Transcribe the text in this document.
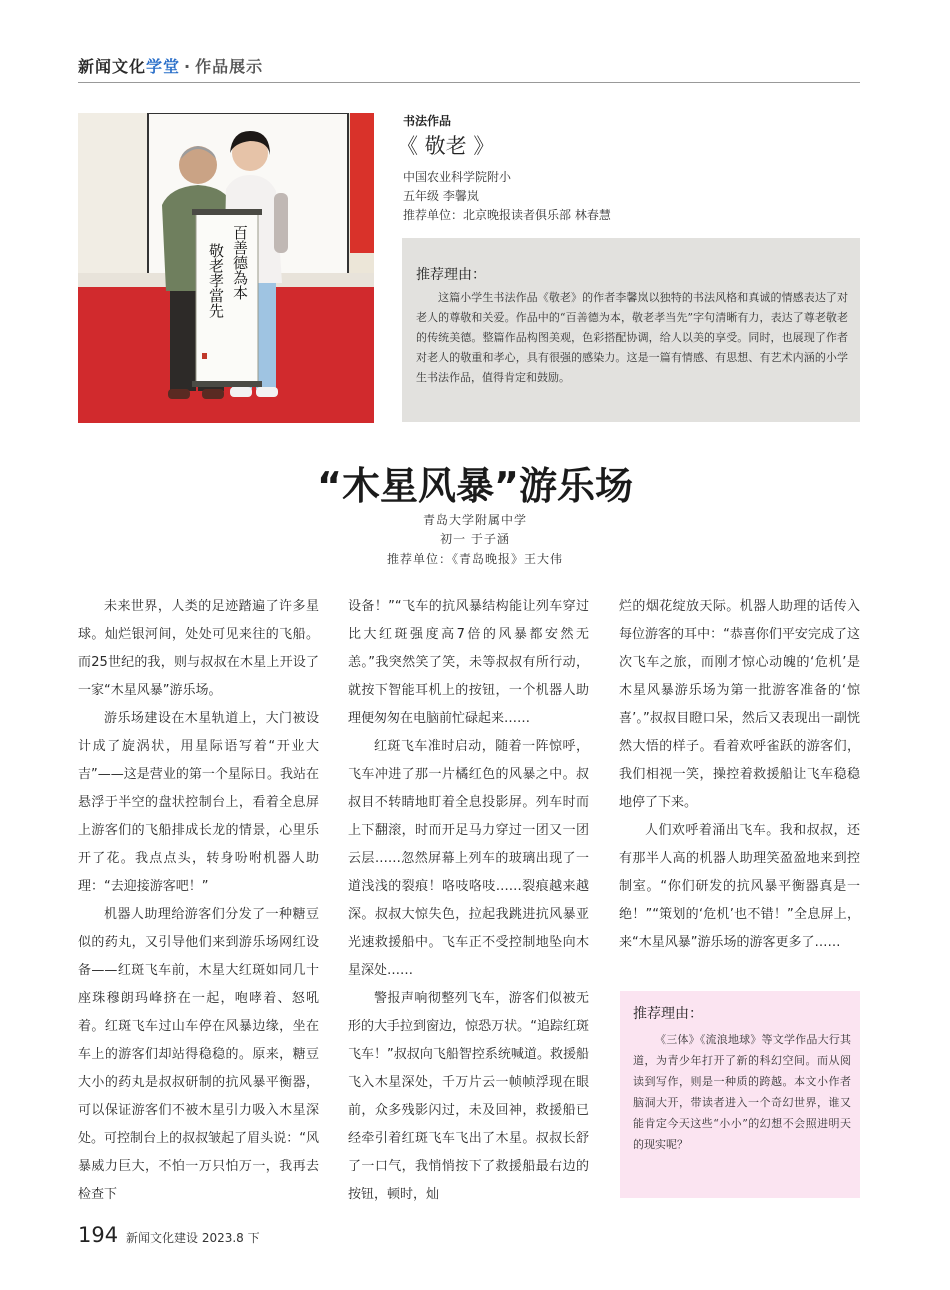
新闻文化学堂 · 作品展示
百善德為本
敬老孝當先
书法作品
《 敬老 》
中国农业科学院附小
五年级 李馨岚
推荐单位：北京晚报读者俱乐部 林春慧
推荐理由：
这篇小学生书法作品《敬老》的作者李馨岚以独特的书法风格和真诚的情感表达了对老人的尊敬和关爱。作品中的“百善德为本，敬老孝当先”字句清晰有力，表达了尊老敬老的传统美德。整篇作品构图美观，色彩搭配协调，给人以美的享受。同时，也展现了作者对老人的敬重和孝心，具有很强的感染力。这是一篇有情感、有思想、有艺术内涵的小学生书法作品，值得肯定和鼓励。
“木星风暴”游乐场
青岛大学附属中学
初一 于子涵
推荐单位：《青岛晚报》王大伟

未来世界，人类的足迹踏遍了许多星球。灿烂银河间，处处可见来往的飞船。而25世纪的我，则与叔叔在木星上开设了一家“木星风暴”游乐场。

游乐场建设在木星轨道上，大门被设计成了旋涡状，用星际语写着“开业大吉”——这是营业的第一个星际日。我站在悬浮于半空的盘状控制台上，看着全息屏上游客们的飞船排成长龙的情景，心里乐开了花。我点点头，转身吩咐机器人助理：“去迎接游客吧！”

机器人助理给游客们分发了一种糖豆似的药丸，又引导他们来到游乐场网红设备——红斑飞车前，木星大红斑如同几十座珠穆朗玛峰挤在一起，咆哮着、怒吼着。红斑飞车过山车停在风暴边缘，坐在车上的游客们却站得稳稳的。原来，糖豆大小的药丸是叔叔研制的抗风暴平衡器，可以保证游客们不被木星引力吸入木星深处。可控制台上的叔叔皱起了眉头说：“风暴威力巨大，不怕一万只怕万一，我再去检查下

设备！”“飞车的抗风暴结构能让列车穿过比大红斑强度高7倍的风暴都安然无恙。”我突然笑了笑，未等叔叔有所行动，就按下智能耳机上的按钮，一个机器人助理便匆匆在电脑前忙碌起来……

红斑飞车准时启动，随着一阵惊呼，飞车冲进了那一片橘红色的风暴之中。叔叔目不转睛地盯着全息投影屏。列车时而上下翻滚，时而开足马力穿过一团又一团云层……忽然屏幕上列车的玻璃出现了一道浅浅的裂痕！咯吱咯吱……裂痕越来越深。叔叔大惊失色，拉起我跳进抗风暴亚光速救援船中。飞车正不受控制地坠向木星深处……

警报声响彻整列飞车，游客们似被无形的大手拉到窗边，惊恐万状。“追踪红斑飞车！”叔叔向飞船智控系统喊道。救援船飞入木星深处，千万片云一帧帧浮现在眼前，众多残影闪过，未及回神，救援船已经牵引着红斑飞车飞出了木星。叔叔长舒了一口气，我悄悄按下了救援船最右边的按钮，顿时，灿

烂的烟花绽放天际。机器人助理的话传入每位游客的耳中：“恭喜你们平安完成了这次飞车之旅，而刚才惊心动魄的‘危机’是木星风暴游乐场为第一批游客准备的‘惊喜’。”叔叔目瞪口呆，然后又表现出一副恍然大悟的样子。看着欢呼雀跃的游客们，我们相视一笑，操控着救援船让飞车稳稳地停了下来。

人们欢呼着涌出飞车。我和叔叔，还有那半人高的机器人助理笑盈盈地来到控制室。“你们研发的抗风暴平衡器真是一绝！”“策划的‘危机’也不错！”全息屏上，来“木星风暴”游乐场的游客更多了……

推荐理由：
《三体》《流浪地球》等文学作品大行其道，为青少年打开了新的科幻空间。而从阅读到写作，则是一种质的跨越。本文小作者脑洞大开，带读者进入一个奇幻世界，谁又能肯定今天这些“小小”的幻想不会照进明天的现实呢？
194 新闻文化建设 2023.8 下
